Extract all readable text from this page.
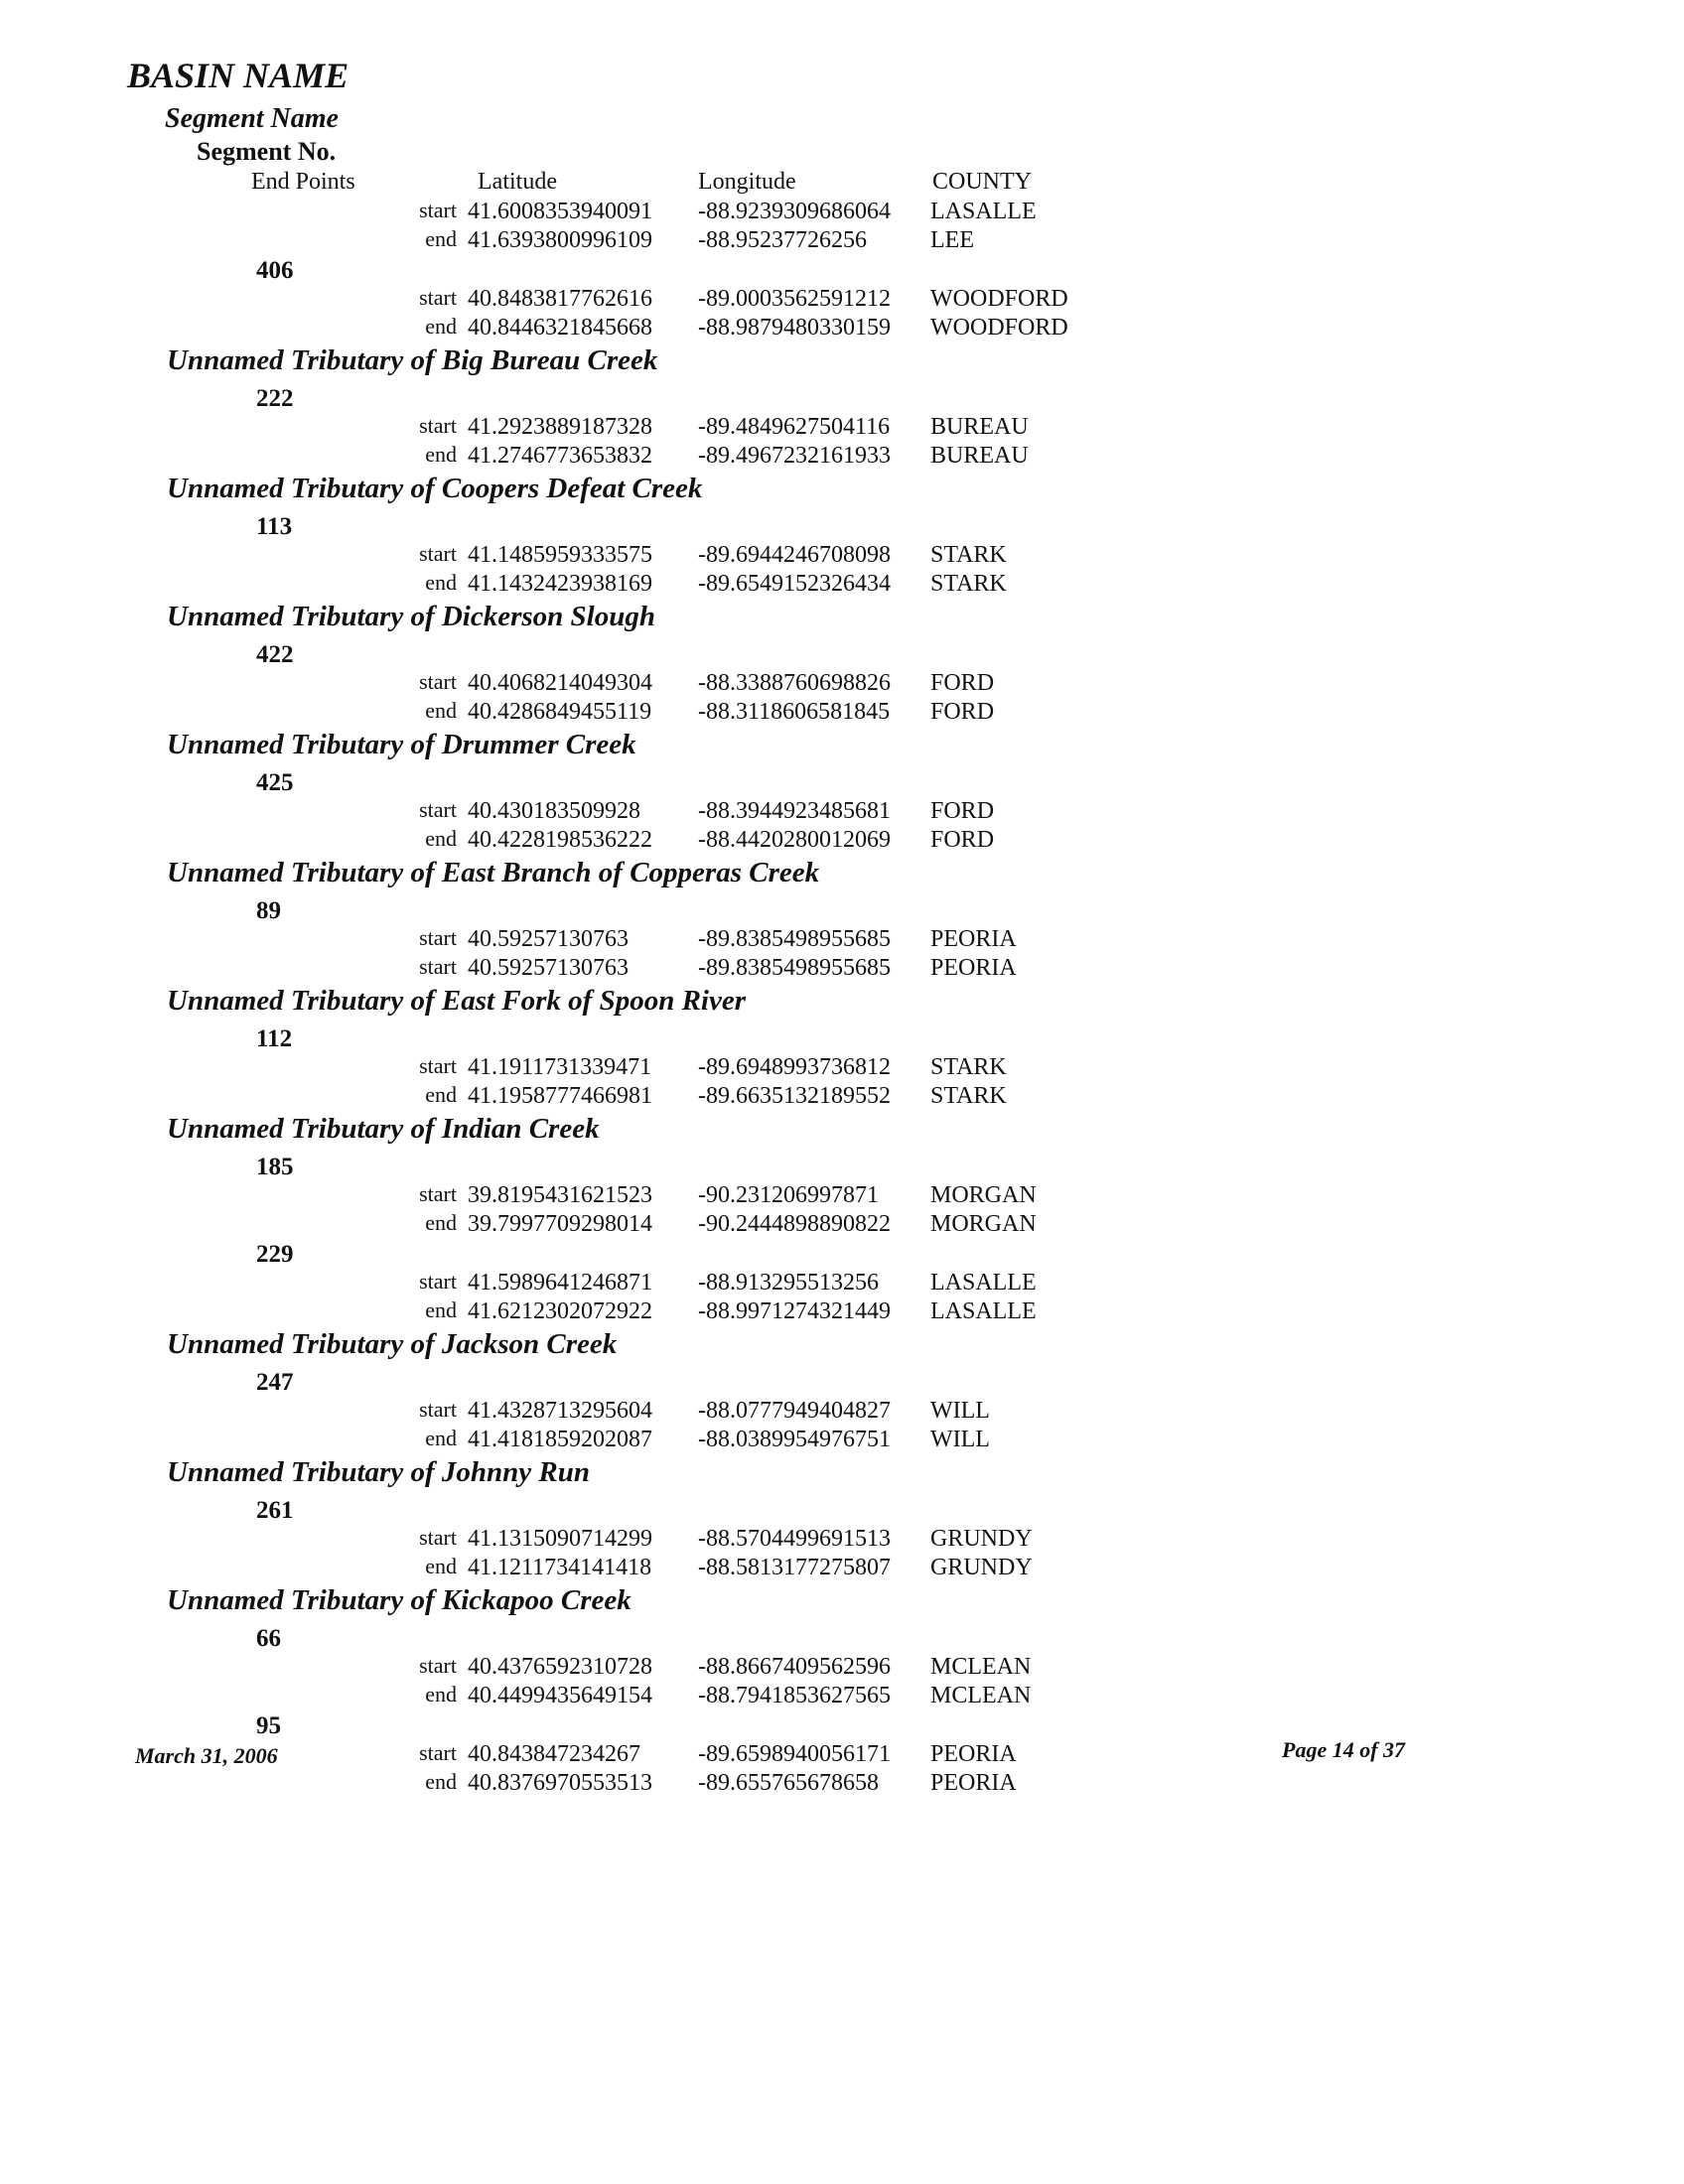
BASIN NAME
Segment Name
Segment No.
End Points	Latitude	Longitude	COUNTY
start 41.6008353940091 -88.9239309686064 LASALLE
end 41.6393800996109 -88.95237726256	LEE
406
start 40.8483817762616 -89.0003562591212 WOODFORD
end 40.8446321845668 -88.9879480330159 WOODFORD
Unnamed Tributary of Big Bureau Creek
222
start 41.2923889187328 -89.4849627504116 BUREAU
end 41.2746773653832 -89.4967232161933 BUREAU
Unnamed Tributary of Coopers Defeat Creek
113
start 41.1485959333575 -89.6944246708098 STARK
end 41.1432423938169 -89.6549152326434 STARK
Unnamed Tributary of Dickerson Slough
422
start 40.4068214049304 -88.3388760698826 FORD
end 40.4286849455119 -88.3118606581845 FORD
Unnamed Tributary of Drummer Creek
425
start 40.430183509928 -88.3944923485681 FORD
end 40.4228198536222 -88.4420280012069 FORD
Unnamed Tributary of East Branch of Copperas Creek
89
start 40.59257130763	-89.8385498955685 PEORIA
start 40.59257130763	-89.8385498955685 PEORIA
Unnamed Tributary of East Fork of Spoon River
112
start 41.1911731339471 -89.6948993736812 STARK
end 41.1958777466981 -89.6635132189552 STARK
Unnamed Tributary of Indian Creek
185
start 39.8195431621523 -90.231206997871 MORGAN
end 39.7997709298014 -90.2444898890822 MORGAN
229
start 41.5989641246871 -88.913295513256 LASALLE
end 41.6212302072922 -88.9971274321449 LASALLE
Unnamed Tributary of Jackson Creek
247
start 41.4328713295604 -88.0777949404827 WILL
end 41.4181859202087 -88.0389954976751 WILL
Unnamed Tributary of Johnny Run
261
start 41.1315090714299 -88.5704499691513 GRUNDY
end 41.1211734141418 -88.5813177275807 GRUNDY
Unnamed Tributary of Kickapoo Creek
66
start 40.4376592310728 -88.8667409562596 MCLEAN
end 40.4499435649154 -88.7941853627565 MCLEAN
95
start 40.843847234267 -89.6598940056171 PEORIA
end 40.8376970553513 -89.655765678658 PEORIA
March 31, 2006	Page 14 of 37
